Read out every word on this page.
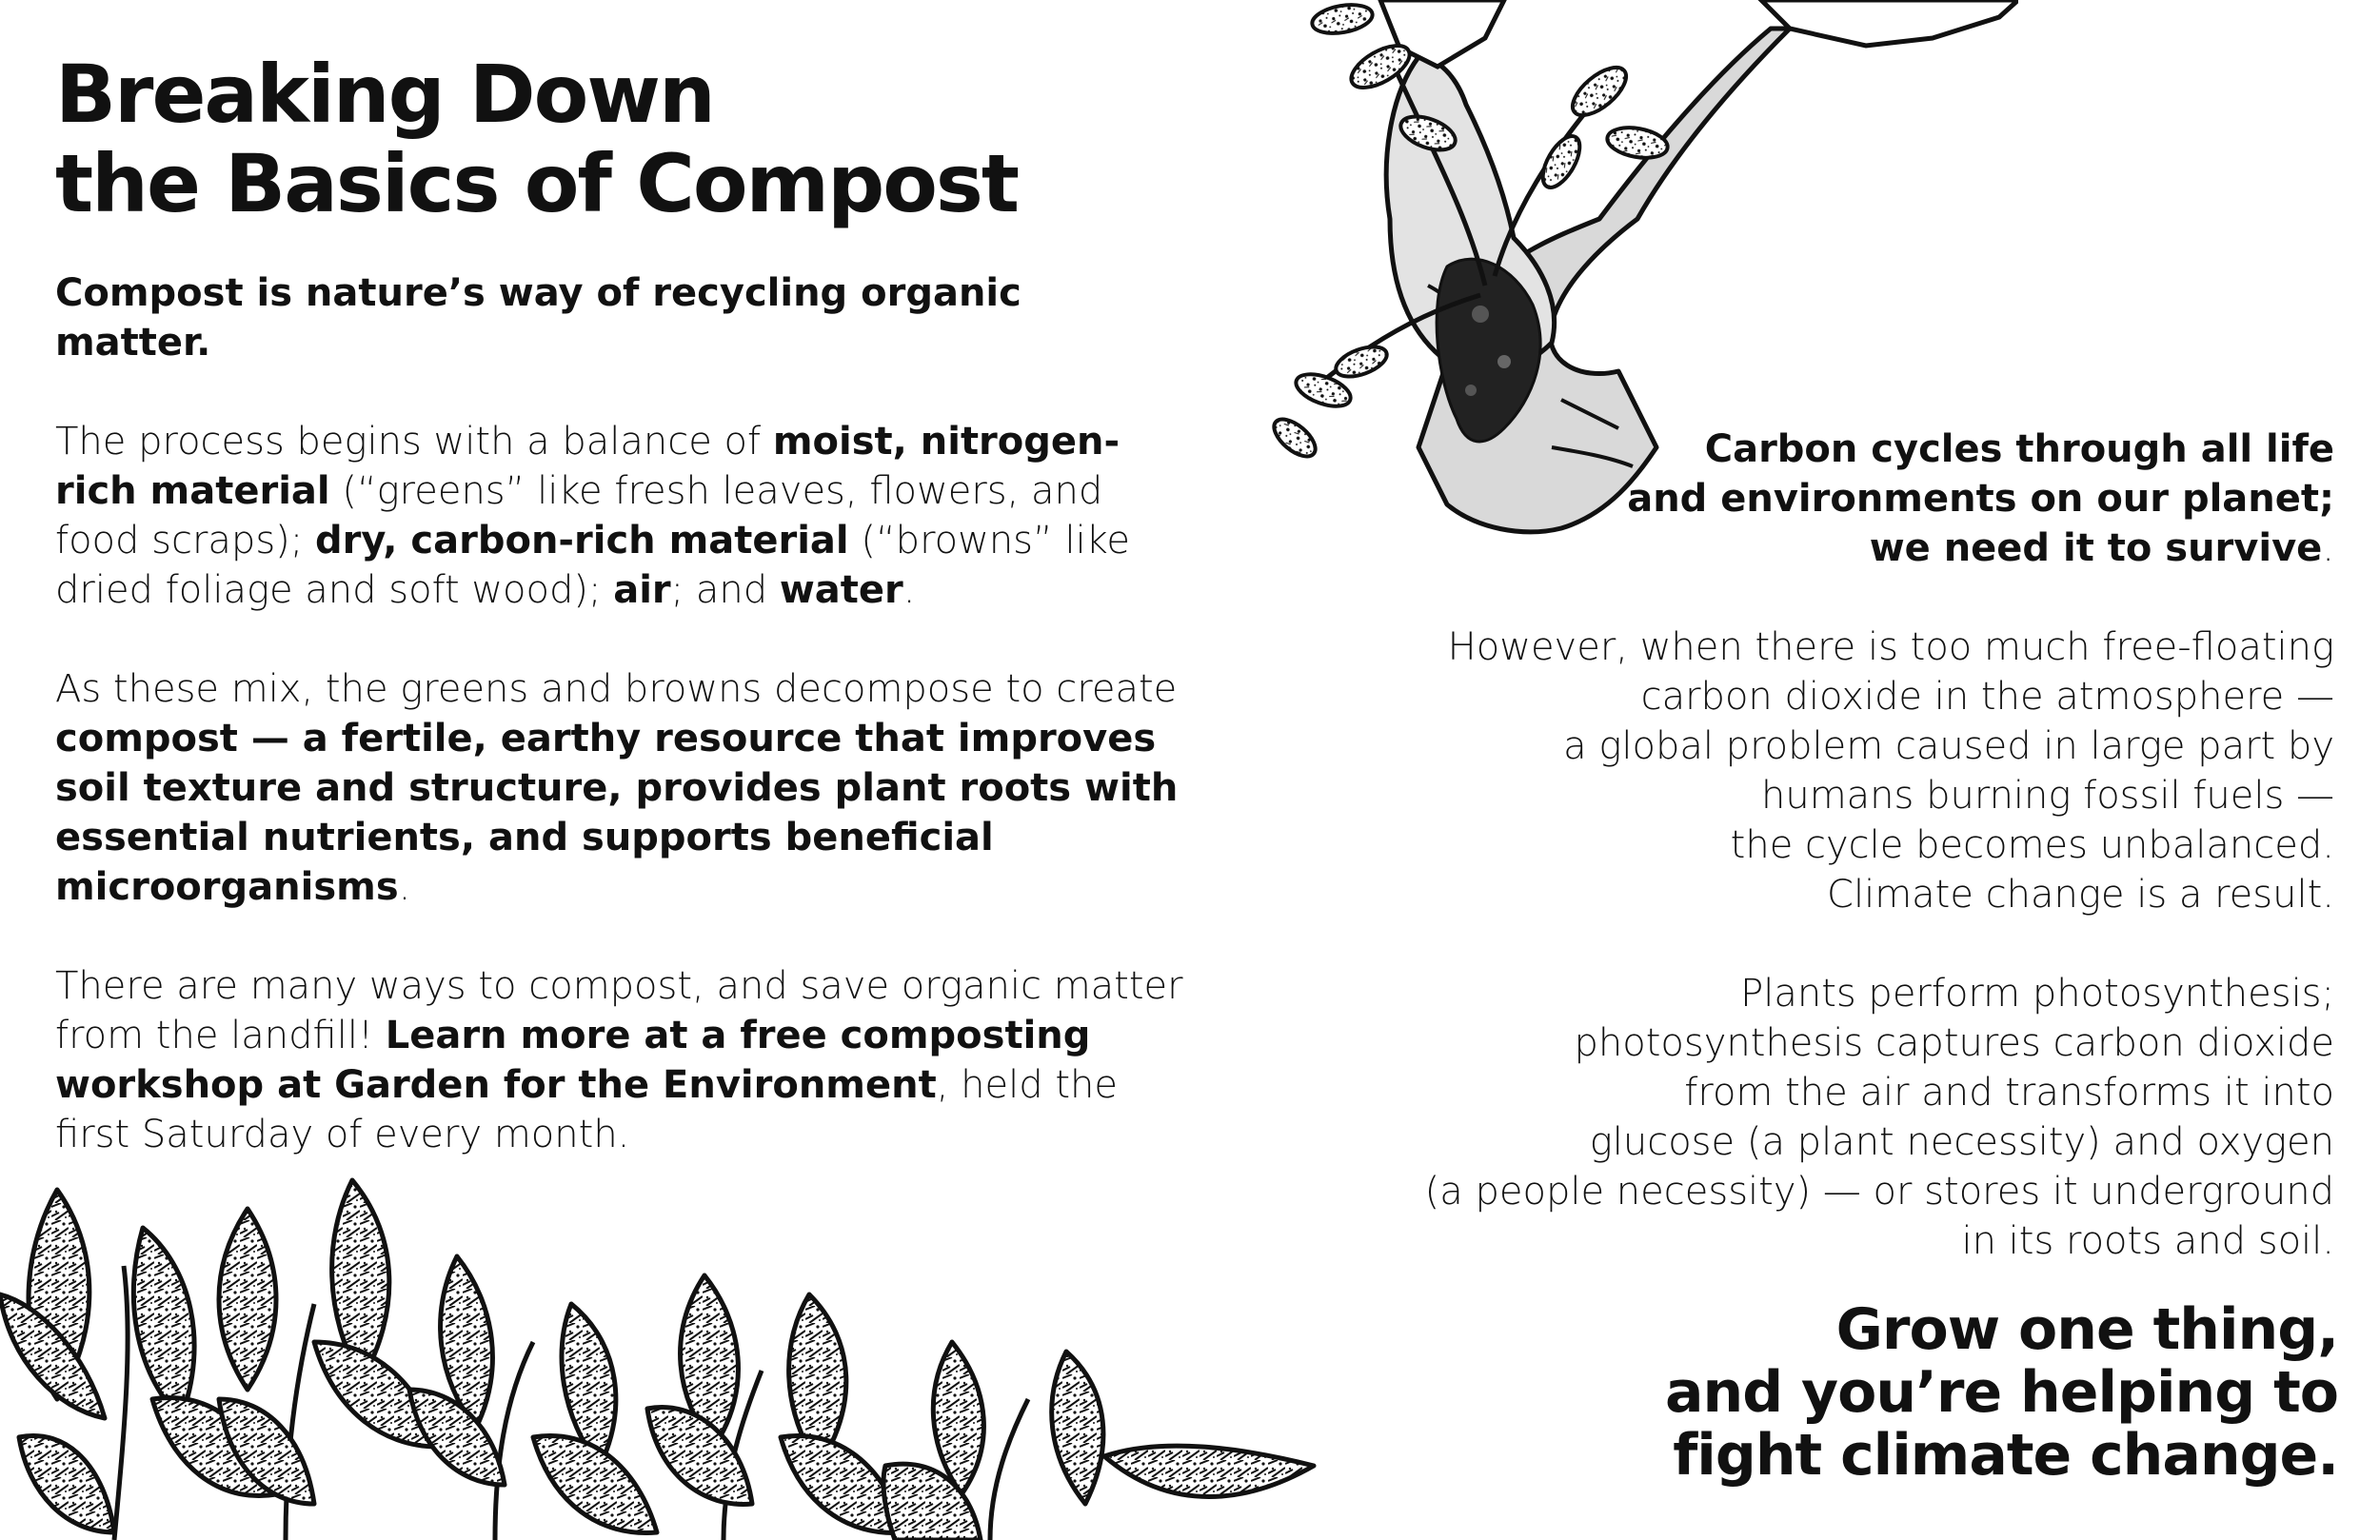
Breaking Down
the Basics of Compost

Compost is nature’s way of recycling organic matter.

The process begins with a balance of moist, nitrogen-rich material (“greens” like fresh leaves, flowers, and food scraps); dry, carbon-rich material (“browns” like dried foliage and soft wood); air; and water.

As these mix, the greens and browns decompose to create compost — a fertile, earthy resource that improves soil texture and structure, provides plant roots with essential nutrients, and supports beneficial microorganisms.

There are many ways to compost, and save organic matter from the landfill! Learn more at a free composting workshop at Garden for the Environment, held the first Saturday of every month.

Carbon cycles through all life
and environments on our planet;
we need it to survive.

However, when there is too much free-floating
carbon dioxide in the atmosphere —
a global problem caused in large part by
humans burning fossil fuels —
the cycle becomes unbalanced.
Climate change is a result.

Plants perform photosynthesis;
photosynthesis captures carbon dioxide
from the air and transforms it into
glucose (a plant necessity) and oxygen
(a people necessity) — or stores it underground
in its roots and soil.

Grow one thing,
and you’re helping to
fight climate change.
